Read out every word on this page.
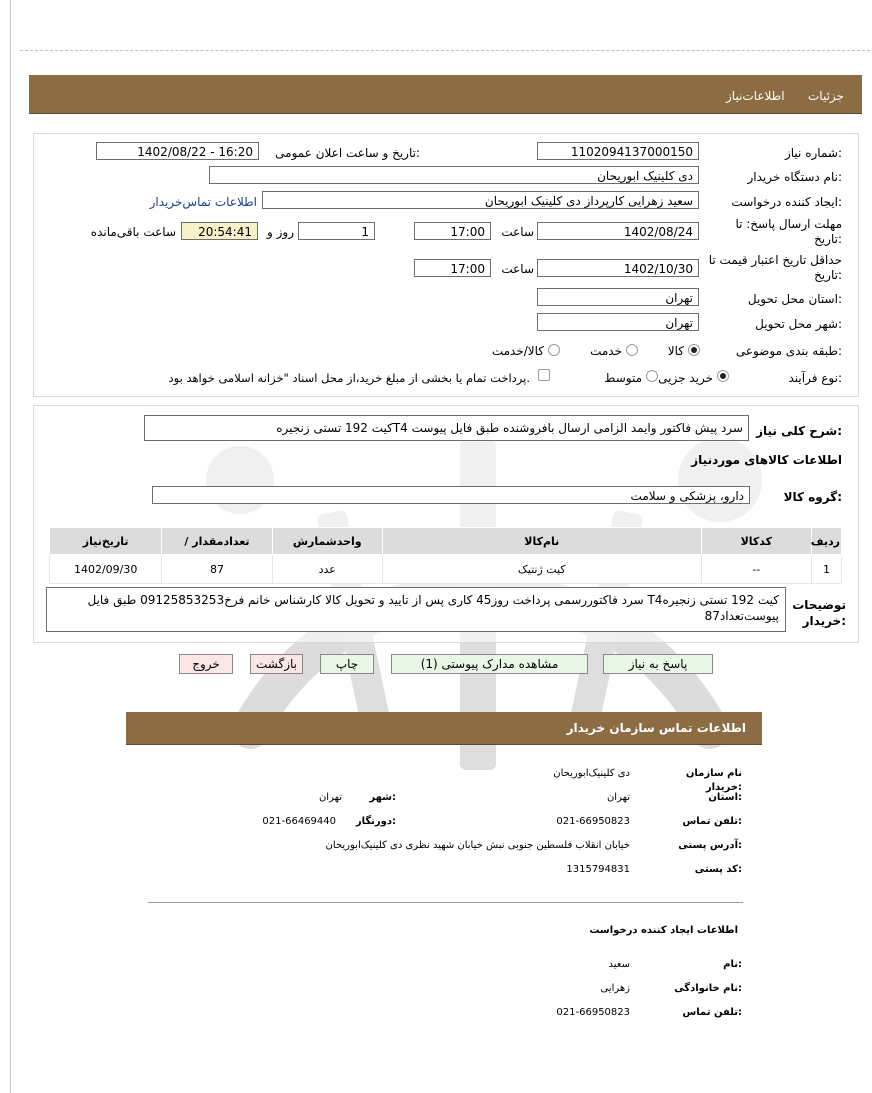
جزئیات
اطلاعات‌نیاز
شماره نیاز:
1102094137000150
تاریخ و ساعت اعلان عمومی:
1402/08/22 - 16:20
نام دستگاه خریدار:
دی کلینیک ابوریحان
ایجاد کننده درخواست:
سعید زهرایی کارپرداز دی کلینیک ابوریحان
اطلاعات تماس‌خریدار
مهلت ارسال پاسخ: تا تاریخ:
1402/08/24
ساعت
17:00
1
روز و
20:54:41
ساعت باقی‌مانده
حداقل تاریخ اعتبار قیمت تا تاریخ:
1402/10/30
ساعت
17:00
استان محل تحویل:
تهران
شهر محل تحویل:
تهران
طبقه بندی موضوعی:
کالا
خدمت
کالا/خدمت
نوع فرآیند:
خرید جزیی
متوسط
پرداخت تمام یا بخشی از مبلغ خرید،از محل اسناد "خزانه اسلامی خواهد بود.
شرح کلی نیاز:
کیت 192 تستی زنجیرهT4 سرد پیش فاکتور وایمد الزامی ارسال بافروشنده طبق فایل پیوست
اطلاعات کالاهای موردنیاز
گروه کالا:
دارو، پزشکی و سلامت
ردیف	کدکالا	نام‌کالا	واحدشمارش	تعدادمقدار /	تاریخ‌نیاز
1	--	کیت ژنتیک	عدد	87	1402/09/30
توضیحات خریدار:
کیت 192 تستی زنجیرهT4 سرد فاکتوررسمی پرداخت روز45 کاری پس از تایید و تحویل کالا کارشناس خانم فرخ09125853253 طبق فایل پیوست‌تعداد87
پاسخ به نیاز
مشاهده مدارک پیوستی (1)
چاپ
بازگشت
خروج
اطلاعات تماس سازمان خریدار
نام سازمان خریدار:
دی کلینیک‌ابوریحان
استان:
تهران
شهر:
تهران
تلفن تماس:
021-66950823
دورنگار:
021-66469440
آدرس پستی:
خیابان انقلاب فلسطین جنوبی نبش خیابان شهید نظری دی کلینیک‌ابوریحان
کد پستی:
1315794831
اطلاعات ایجاد کننده درخواست
نام:
سعید
نام خانوادگی:
زهرایی
تلفن تماس:
021-66950823
